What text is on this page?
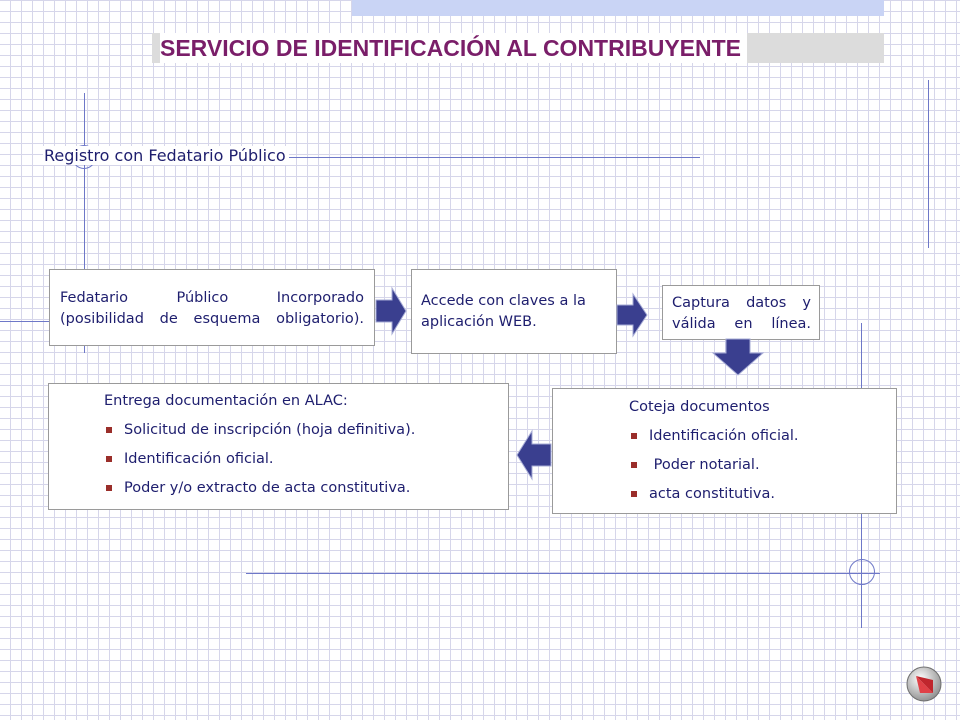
SERVICIO DE IDENTIFICACIÓN AL CONTRIBUYENTE
Registro con Fedatario Público
Fedatario Público Incorporado (posibilidad de esquema obligatorio).
Accede con claves a la aplicación WEB.
Captura datos y válida en línea.
Coteja documentos
Identificación oficial.
Poder notarial.
acta constitutiva.
Entrega documentación en ALAC:
Solicitud de inscripción (hoja definitiva).
Identificación oficial.
Poder y/o extracto de acta constitutiva.
